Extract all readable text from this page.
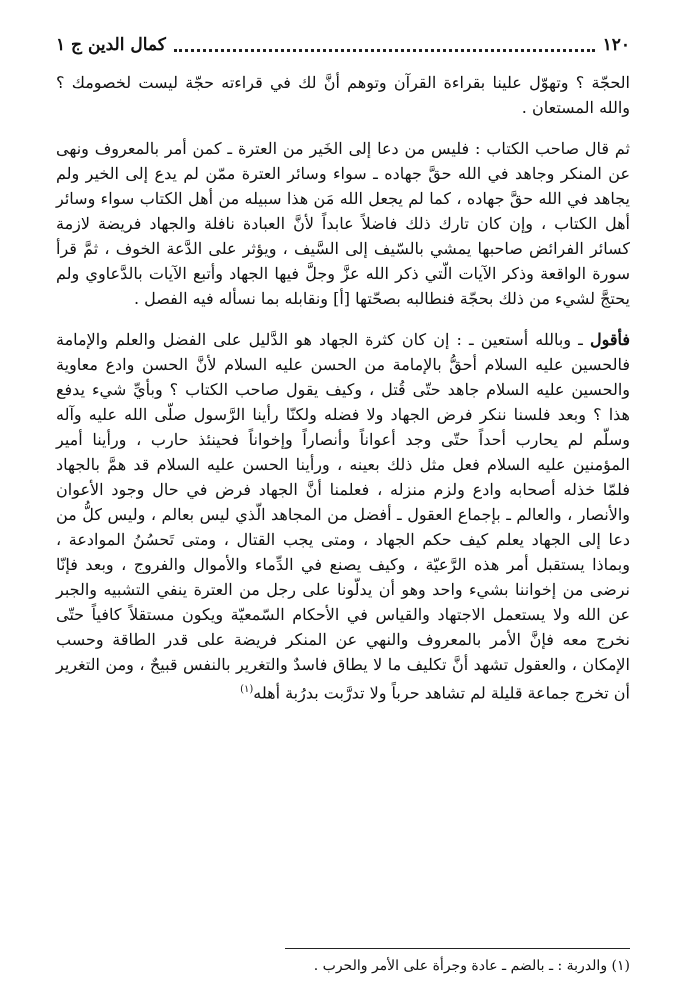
١٢٠
كمال الدين ج ١

الحجّة ؟ وتهوّل علينا بقراءة القرآن وتوهم أنَّ لك في قراءته حجّة ليست لخصومك ؟ والله المستعان .

ثم قال صاحب الكتاب : فليس من دعا إلى الخَير من العترة ـ كمن أمر بالمعروف ونهى عن المنكر وجاهد في الله حقَّ جهاده ـ سواء وسائر العترة ممّن لم يدع إلى الخير ولم يجاهد في الله حقَّ جهاده ، كما لم يجعل الله مَن هذا سبيله من أهل الكتاب سواء وسائر أهل الكتاب ، وإن كان تارك ذلك فاضلاً عابداً لأنَّ العبادة نافلة والجهاد فريضة لازمة كسائر الفرائض صاحبها يمشي بالسّيف إلى السَّيف ، ويؤثر على الدَّعة الخوف ، ثمَّ قرأ سورة الواقعة وذكر الآيات الّتي ذكر الله عزَّ وجلَّ فيها الجهاد وأتبع الآيات بالدَّعاوي ولم يحتجَّ لشيء من ذلك بحجّة فنطالبه بصحّتها [أ] ونقابله بما نسأله فيه الفصل .

فأقول ـ وبالله أستعين ـ : إن كان كثرة الجهاد هو الدَّليل على الفضل والعلم والإمامة فالحسين عليه السلام أحقُّ بالإمامة من الحسن عليه السلام لأنَّ الحسن وادع معاوية والحسين عليه السلام جاهد حتّى قُتل ، وكيف يقول صاحب الكتاب ؟ وبأيِّ شيء يدفع هذا ؟ وبعد فلسنا ننكر فرض الجهاد ولا فضله ولكنّا رأينا الرَّسول صلّى الله عليه وآله وسلّم لم يحارب أحداً حتّى وجد أعواناً وأنصاراً وإخواناً فحينئذ حارب ، ورأينا أمير المؤمنين عليه السلام فعل مثل ذلك بعينه ، ورأينا الحسن عليه السلام قد همَّ بالجهاد فلمّا خذله أصحابه وادع ولزم منزله ، فعلمنا أنَّ الجهاد فرض في حال وجود الأعوان والأنصار ، والعالم ـ بإجماع العقول ـ أفضل من المجاهد الّذي ليس بعالم ، وليس كلُّ من دعا إلى الجهاد يعلم كيف حكم الجهاد ، ومتى يجب القتال ، ومتى تَحسُنُ الموادعة ، وبماذا يستقبل أمر هذه الرَّعيّة ، وكيف يصنع في الدِّماء والأموال والفروج ، وبعد فإنّا نرضى من إخواننا بشيء واحد وهو أن يدلّونا على رجل من العترة ينفي التشبيه والجبر عن الله ولا يستعمل الاجتهاد والقياس في الأحكام السّمعيّة ويكون مستقلاً كافياً حتّى نخرج معه فإنَّ الأمر بالمعروف والنهي عن المنكر فريضة على قدر الطاقة وحسب الإمكان ، والعقول تشهد أنَّ تكليف ما لا يطاق فاسدٌ والتغرير بالنفس قبيحٌ ، ومن التغرير أن تخرج جماعة قليلة لم تشاهد حرباً ولا تدرَّبت بدرُبة أهله$^{(١)}$

(١) والدربة : ـ بالضم ـ عادة وجرأة على الأمر والحرب .
